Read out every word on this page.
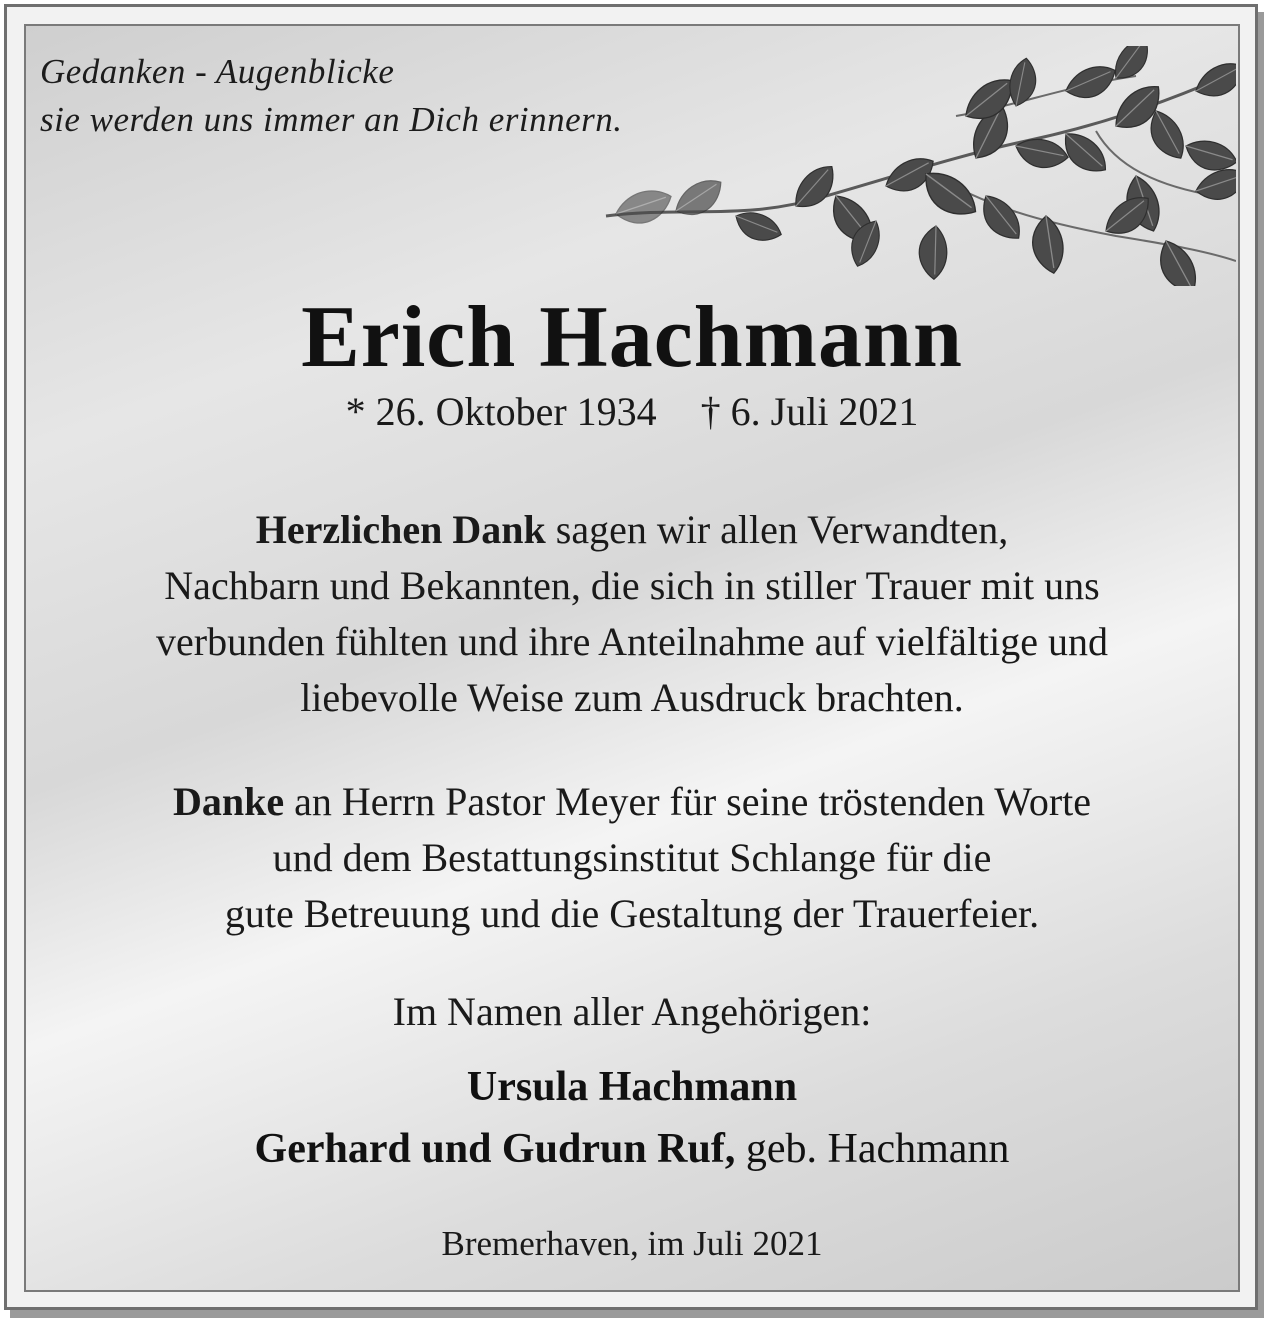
Gedanken - Augenblicke
sie werden uns immer an Dich erinnern.
Erich Hachmann
* 26. Oktober 1934 † 6. Juli 2021
Herzlichen Dank sagen wir allen Verwandten,
Nachbarn und Bekannten, die sich in stiller Trauer mit uns
verbunden fühlten und ihre Anteilnahme auf vielfältige und
liebevolle Weise zum Ausdruck brachten.
Danke an Herrn Pastor Meyer für seine tröstenden Worte
und dem Bestattungsinstitut Schlange für die
gute Betreuung und die Gestaltung der Trauerfeier.
Im Namen aller Angehörigen:
Ursula Hachmann
Gerhard und Gudrun Ruf, geb. Hachmann
Bremerhaven, im Juli 2021
